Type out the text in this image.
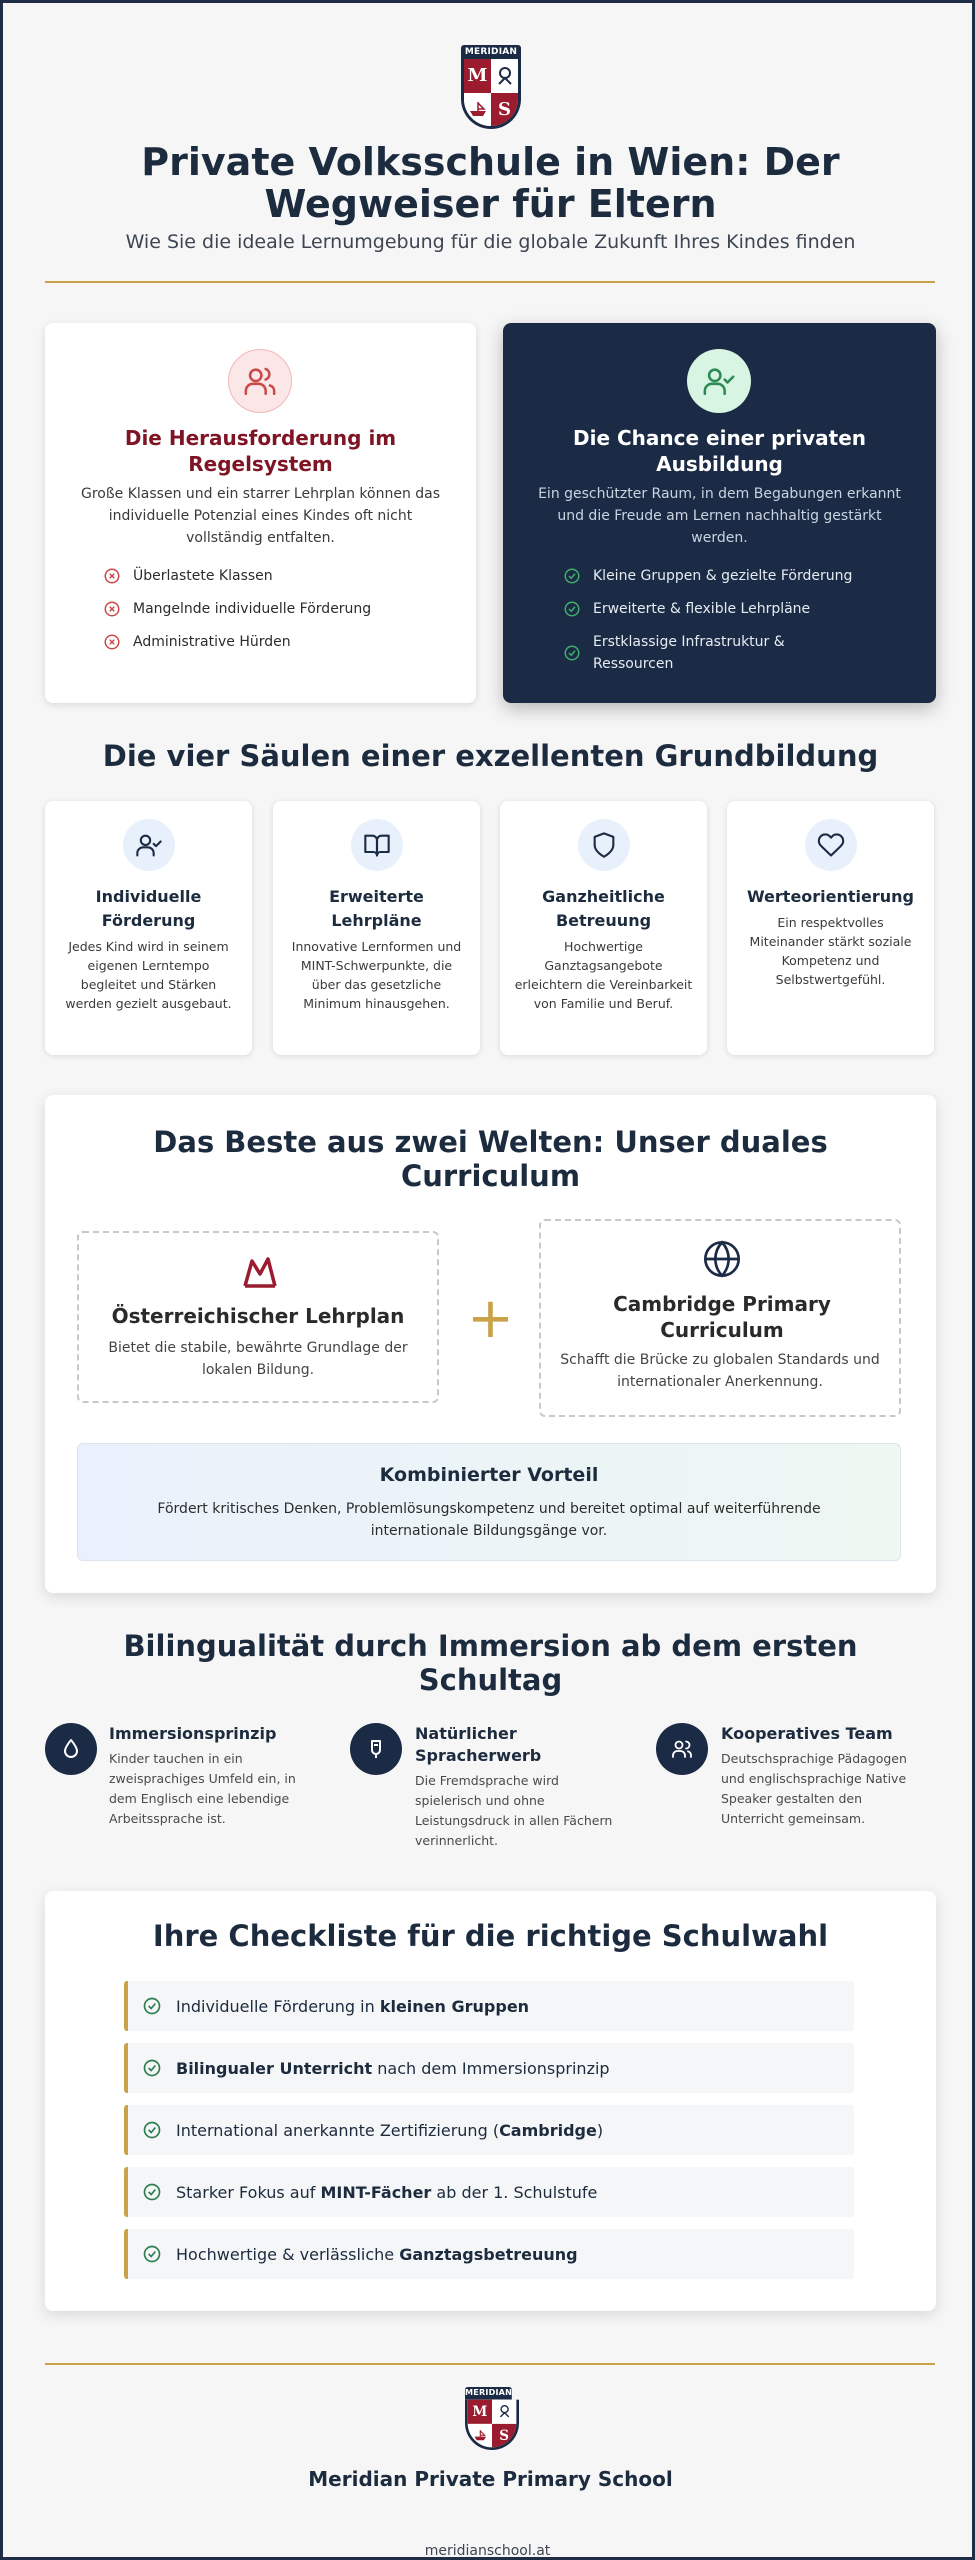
MERIDIAN
M
S
Private Volksschule in Wien: Der Wegweiser für Eltern
Wie Sie die ideale Lernumgebung für die globale Zukunft Ihres Kindes finden
Die Herausforderung im Regelsystem
Große Klassen und ein starrer Lehrplan können das individuelle Potenzial eines Kindes oft nicht vollständig entfalten.
Überlastete Klassen
Mangelnde individuelle Förderung
Administrative Hürden
Die Chance einer privaten Ausbildung
Ein geschützter Raum, in dem Begabungen erkannt und die Freude am Lernen nachhaltig gestärkt werden.
Kleine Gruppen & gezielte Förderung
Erweiterte & flexible Lehrpläne
Erstklassige Infrastruktur & Ressourcen
Die vier Säulen einer exzellenten Grundbildung
Individuelle Förderung
Jedes Kind wird in seinem eigenen Lerntempo begleitet und Stärken werden gezielt ausgebaut.
Erweiterte Lehrpläne
Innovative Lernformen und MINT-Schwerpunkte, die über das gesetzliche Minimum hinausgehen.
Ganzheitliche Betreuung
Hochwertige Ganztagsangebote erleichtern die Vereinbarkeit von Familie und Beruf.
Werteorientierung
Ein respektvolles Miteinander stärkt soziale Kompetenz und Selbstwertgefühl.
Das Beste aus zwei Welten: Unser duales Curriculum
Österreichischer Lehrplan
Bietet die stabile, bewährte Grundlage der lokalen Bildung.
+	Cambridge Primary Curriculum
Schafft die Brücke zu globalen Standards und internationaler Anerkennung.
Kombinierter Vorteil
Fördert kritisches Denken, Problemlösungskompetenz und bereitet optimal auf weiterführende internationale Bildungsgänge vor.
Bilingualität durch Immersion ab dem ersten Schultag
Immersionsprinzip
Kinder tauchen in ein zweisprachiges Umfeld ein, in dem Englisch eine lebendige Arbeitssprache ist.
Natürlicher Spracherwerb
Die Fremdsprache wird spielerisch und ohne Leistungsdruck in allen Fächern verinnerlicht.
Kooperatives Team
Deutschsprachige Pädagogen und englischsprachige Native Speaker gestalten den Unterricht gemeinsam.
Ihre Checkliste für die richtige Schulwahl
Individuelle Förderung in kleinen Gruppen
Bilingualer Unterricht nach dem Immersionsprinzip
International anerkannte Zertifizierung (Cambridge)
Starker Fokus auf MINT-Fächer ab der 1. Schulstufe
Hochwertige & verlässliche Ganztagsbetreuung
MERIDIAN
M
S
Meridian Private Primary School
meridianschool.at
